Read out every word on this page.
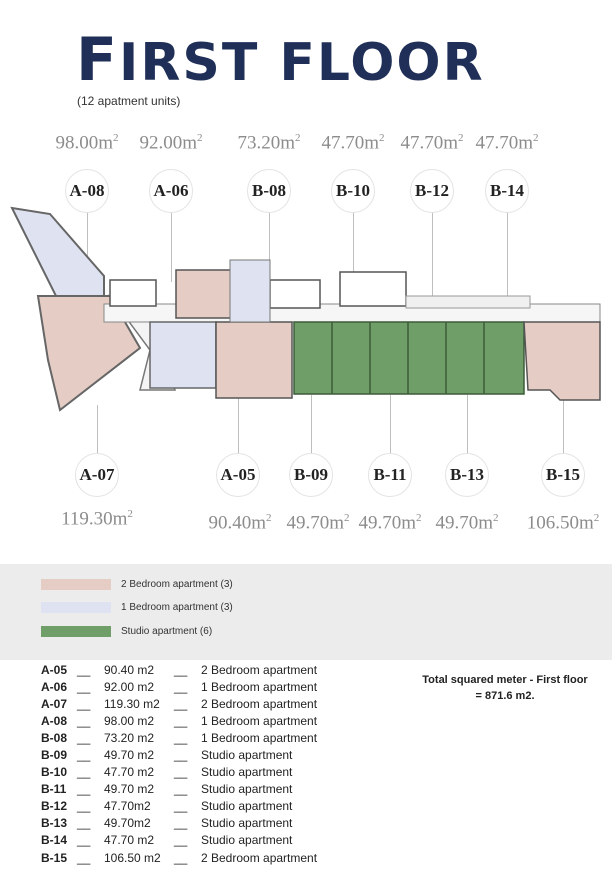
FIRST FLOOR
(12 apatment units)
$98.00m^2$ $92.00m^2$ $73.20m^2$ $47.70m^2$ $47.70m^2$ $47.70m^2$
A-08	A-06	B-08	B-10	B-12 B-14
A-07	A-05 B-09	B-11	B-13	B-15
$119.30m^2$	$90.40m^2$ $49.70m^2$ $49.70m^2$ $49.70m^2$ $106.50m^2$
2 Bedroom apartment (3)
1 Bedroom apartment (3)
Studio apartment (6)
A-05 __	90.40 m2	__	2 Bedroom apartment
A-06 __	92.00 m2	__	1 Bedroom apartment
A-07 __	119.30 m2	__	2 Bedroom apartment
A-08 __	98.00 m2	__	1 Bedroom apartment
B-08 __	73.20 m2	__	1 Bedroom apartment
B-09 __	49.70 m2	__	Studio apartment
B-10 __	47.70 m2	__	Studio apartment
B-11 __	49.70 m2	__	Studio apartment
B-12 __	47.70m2	__	Studio apartment
B-13 __	49.70m2	__	Studio apartment
B-14 __	47.70 m2	__	Studio apartment
B-15 __	106.50 m2	__	2 Bedroom apartment
Total squared meter - First floor
= 871.6 m2.
